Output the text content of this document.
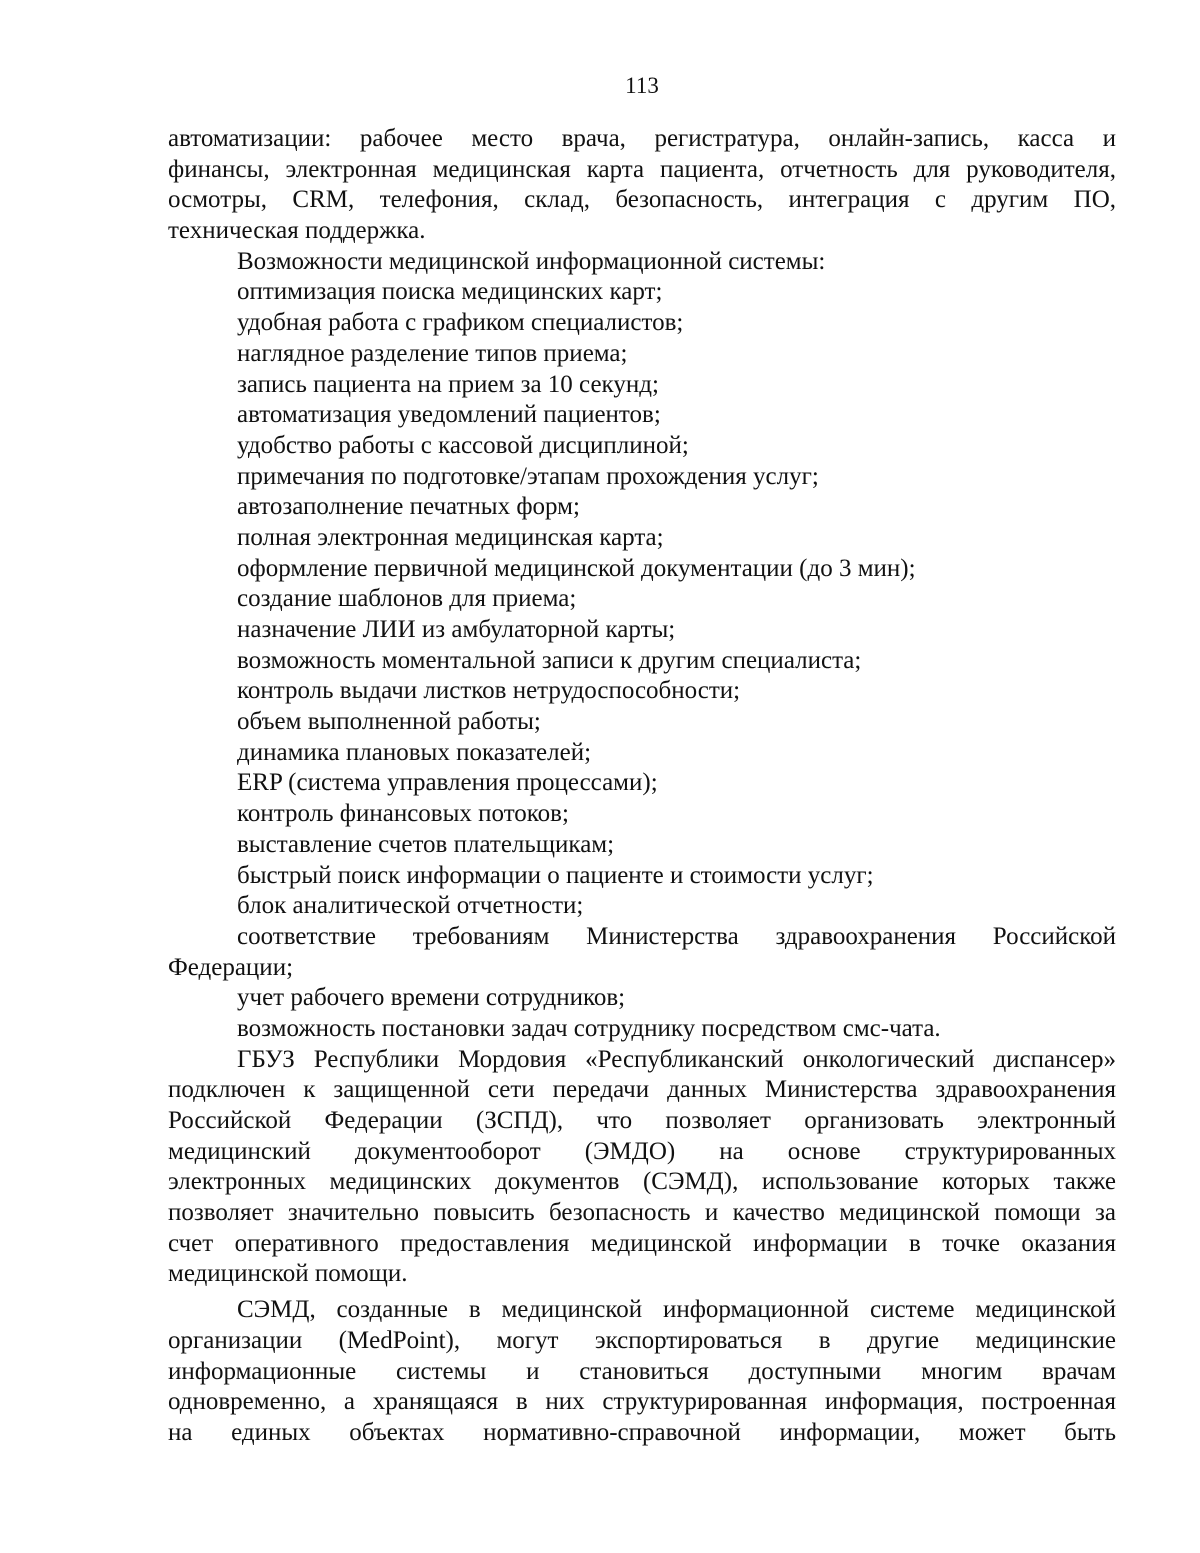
113
автоматизации: рабочее место врача, регистратура, онлайн-запись, касса и
финансы, электронная медицинская карта пациента, отчетность для руководителя,
осмотры, CRM, телефония, склад, безопасность, интеграция с другим ПО,
техническая поддержка.
Возможности медицинской информационной системы:
оптимизация поиска медицинских карт;
удобная работа с графиком специалистов;
наглядное разделение типов приема;
запись пациента на прием за 10 секунд;
автоматизация уведомлений пациентов;
удобство работы с кассовой дисциплиной;
примечания по подготовке/этапам прохождения услуг;
автозаполнение печатных форм;
полная электронная медицинская карта;
оформление первичной медицинской документации (до 3 мин);
создание шаблонов для приема;
назначение ЛИИ из амбулаторной карты;
возможность моментальной записи к другим специалиста;
контроль выдачи листков нетрудоспособности;
объем выполненной работы;
динамика плановых показателей;
ERP (система управления процессами);
контроль финансовых потоков;
выставление счетов плательщикам;
быстрый поиск информации о пациенте и стоимости услуг;
блок аналитической отчетности;
соответствие требованиям Министерства здравоохранения Российской
Федерации;
учет рабочего времени сотрудников;
возможность постановки задач сотруднику посредством смс-чата.
ГБУЗ Республики Мордовия «Республиканский онкологический диспансер»
подключен к защищенной сети передачи данных Министерства здравоохранения
Российской Федерации (ЗСПД), что позволяет организовать электронный
медицинский документооборот (ЭМДО) на основе структурированных
электронных медицинских документов (СЭМД), использование которых также
позволяет значительно повысить безопасность и качество медицинской помощи за
счет оперативного предоставления медицинской информации в точке оказания
медицинской помощи.
СЭМД, созданные в медицинской информационной системе медицинской
организации (MedPoint), могут экспортироваться в другие медицинские
информационные системы и становиться доступными многим врачам
одновременно, а хранящаяся в них структурированная информация, построенная
на единых объектах нормативно-справочной информации, может быть
